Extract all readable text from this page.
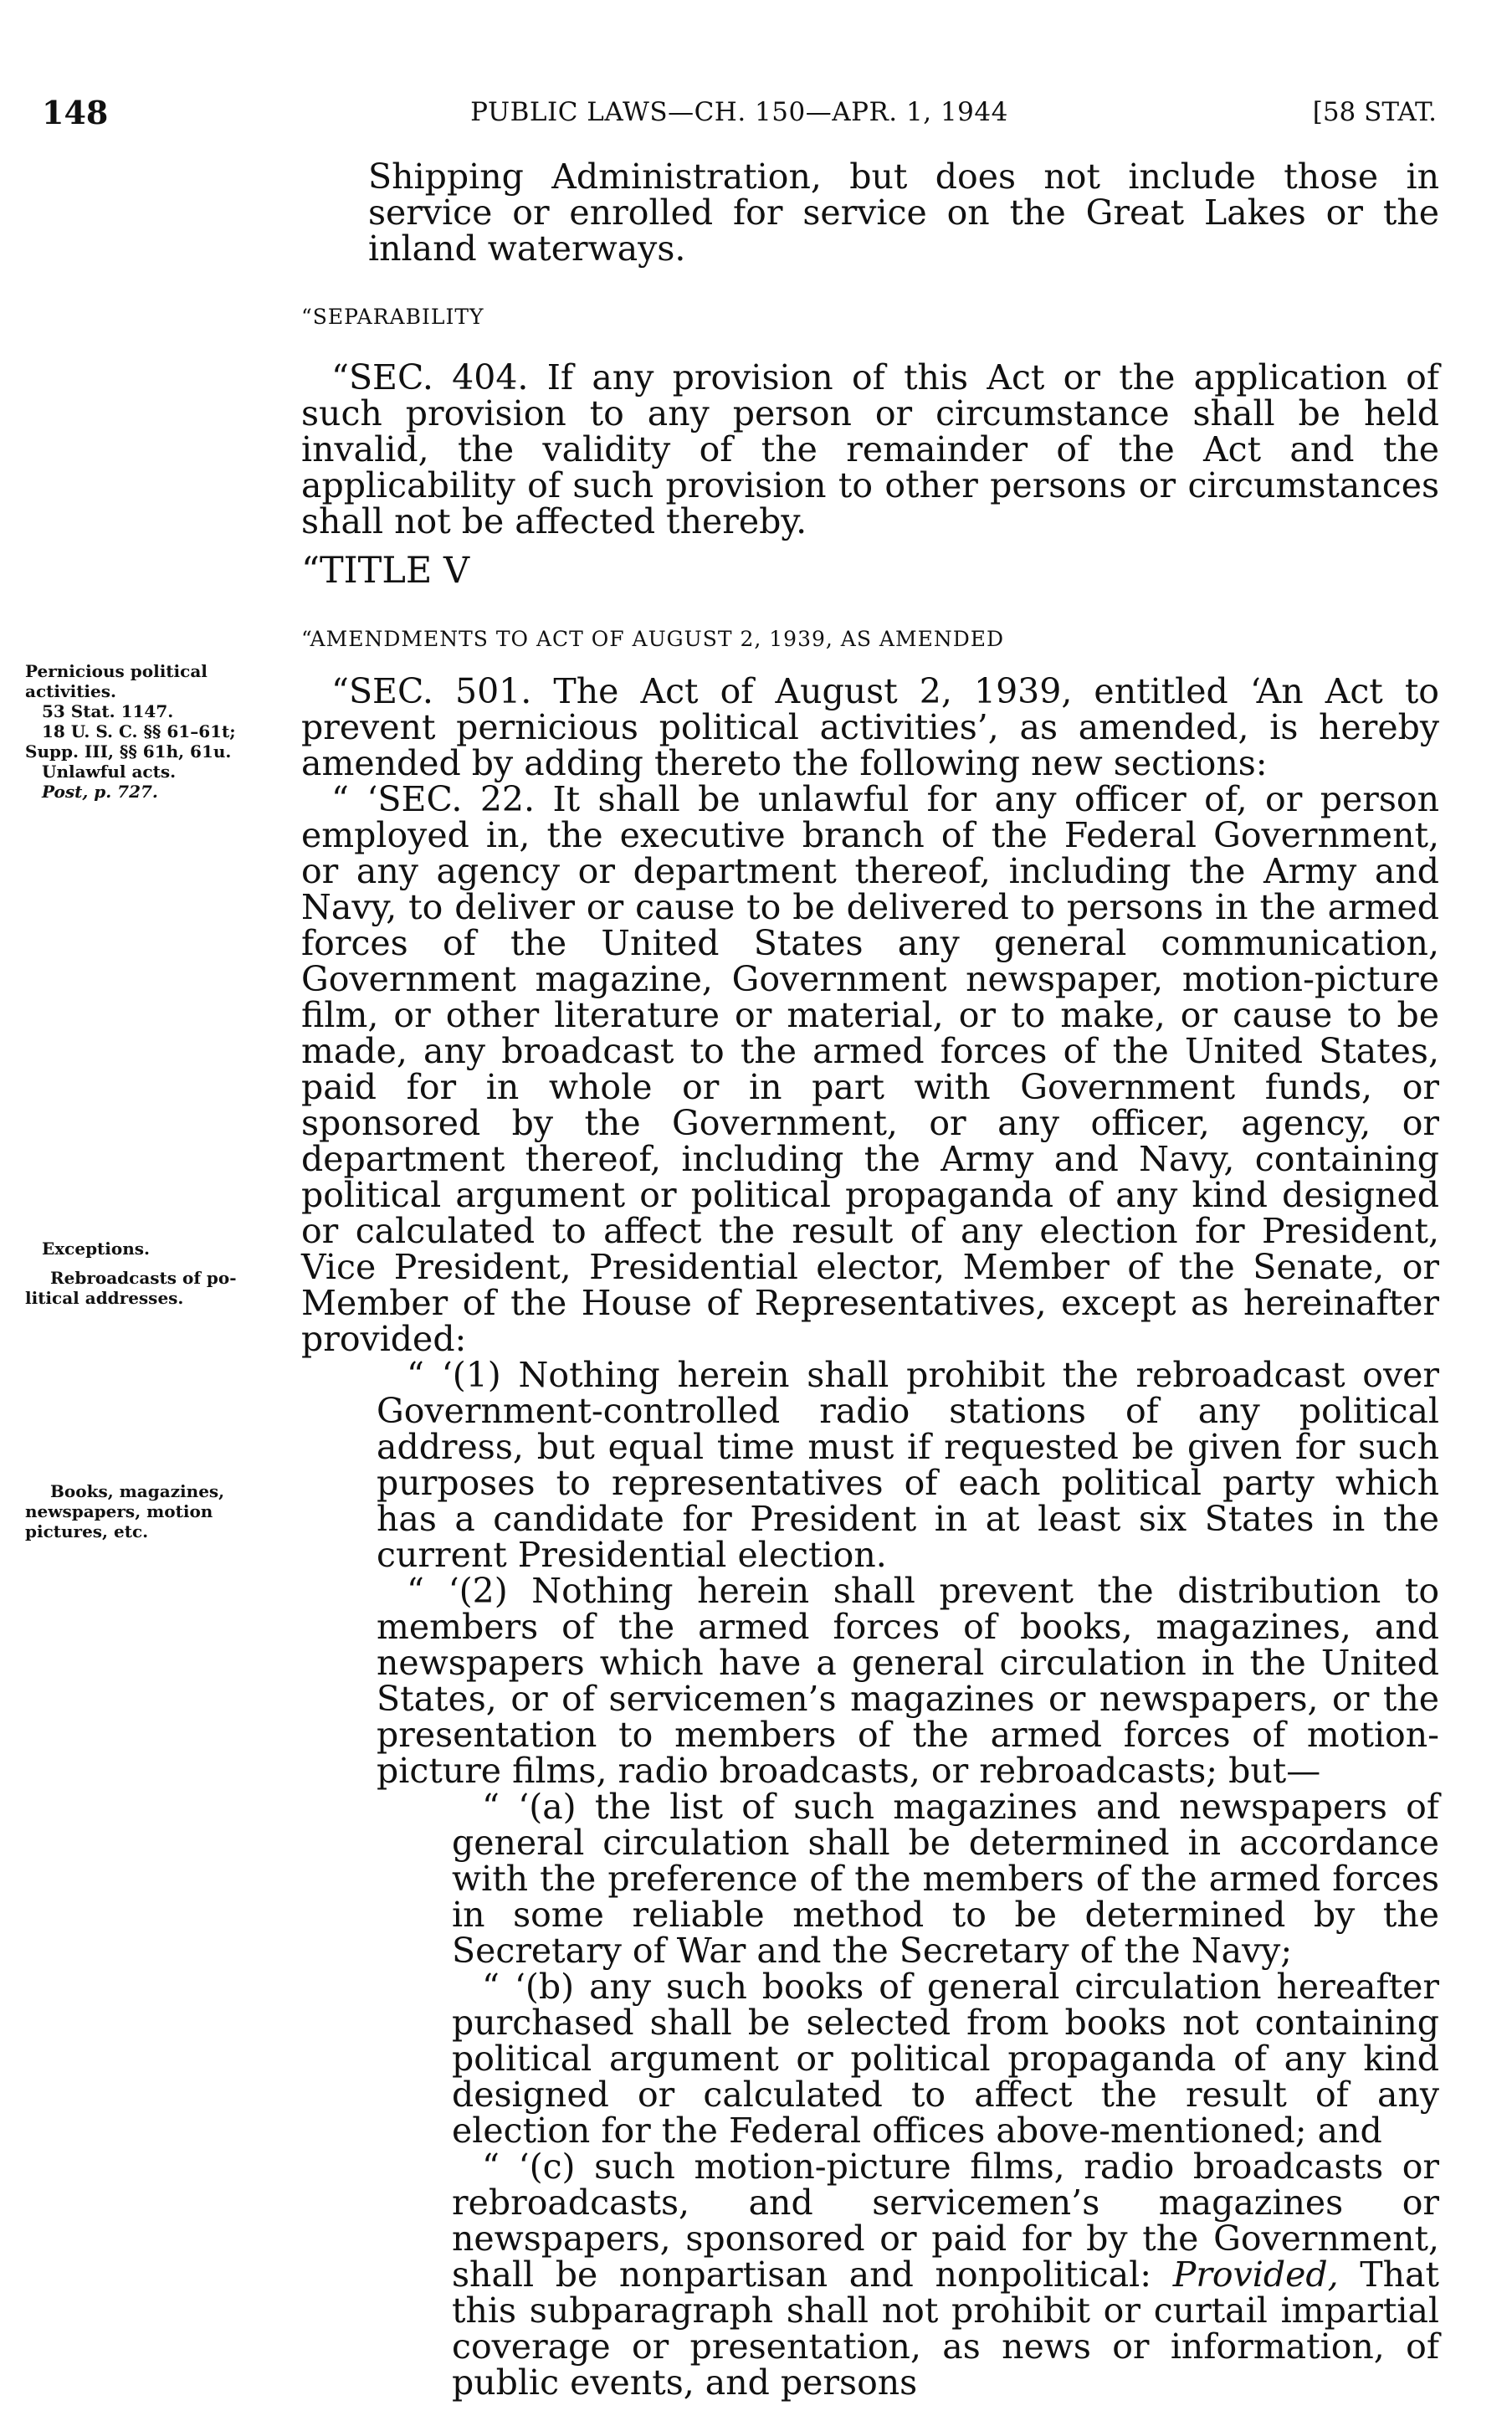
148	PUBLIC LAWS—CH. 150—APR. 1, 1944	[58 STAT.
Pernicious political
activities.
53 Stat. 1147.
18 U. S. C. §§ 61–61t;
Supp. III, §§ 61h, 61u.
Unlawful acts.
Post, p. 727.
Exceptions.
Rebroadcasts of po-
litical addresses.
Books, magazines,
newspapers, motion
pictures, etc.

Shipping Administration, but does not include those in service or enrolled for service on the Great Lakes or the inland waterways.

“SEPARABILITY

“SEC. 404. If any provision of this Act or the application of such provision to any person or circumstance shall be held invalid, the validity of the remainder of the Act and the applicability of such provision to other persons or circumstances shall not be affected thereby.

“TITLE V

“AMENDMENTS TO ACT OF AUGUST 2, 1939, AS AMENDED

“SEC. 501. The Act of August 2, 1939, entitled ‘An Act to prevent pernicious political activities’, as amended, is hereby amended by adding thereto the following new sections:

“ ‘SEC. 22. It shall be unlawful for any officer of, or person employed in, the executive branch of the Federal Government, or any agency or department thereof, including the Army and Navy, to deliver or cause to be delivered to persons in the armed forces of the United States any general communication, Government magazine, Government newspaper, motion-picture film, or other literature or material, or to make, or cause to be made, any broadcast to the armed forces of the United States, paid for in whole or in part with Government funds, or sponsored by the Government, or any officer, agency, or department thereof, including the Army and Navy, containing political argument or political propaganda of any kind designed or calculated to affect the result of any election for President, Vice President, Presidential elector, Member of the Senate, or Member of the House of Representatives, except as hereinafter provided:

“ ‘(1) Nothing herein shall prohibit the rebroadcast over Government-controlled radio stations of any political address, but equal time must if requested be given for such purposes to representatives of each political party which has a candidate for President in at least six States in the current Presidential election.

“ ‘(2) Nothing herein shall prevent the distribution to members of the armed forces of books, magazines, and newspapers which have a general circulation in the United States, or of servicemen’s magazines or newspapers, or the presentation to members of the armed forces of motion-picture films, radio broadcasts, or rebroadcasts; but—

“ ‘(a) the list of such magazines and newspapers of general circulation shall be determined in accordance with the preference of the members of the armed forces in some reliable method to be determined by the Secretary of War and the Secretary of the Navy;

“ ‘(b) any such books of general circulation hereafter purchased shall be selected from books not containing political argument or political propaganda of any kind designed or calculated to affect the result of any election for the Federal offices above-mentioned; and

“ ‘(c) such motion-picture films, radio broadcasts or rebroadcasts, and servicemen’s magazines or newspapers, sponsored or paid for by the Government, shall be nonpartisan and nonpolitical: Provided, That this subparagraph shall not prohibit or curtail impartial coverage or presentation, as news or information, of public events, and persons
